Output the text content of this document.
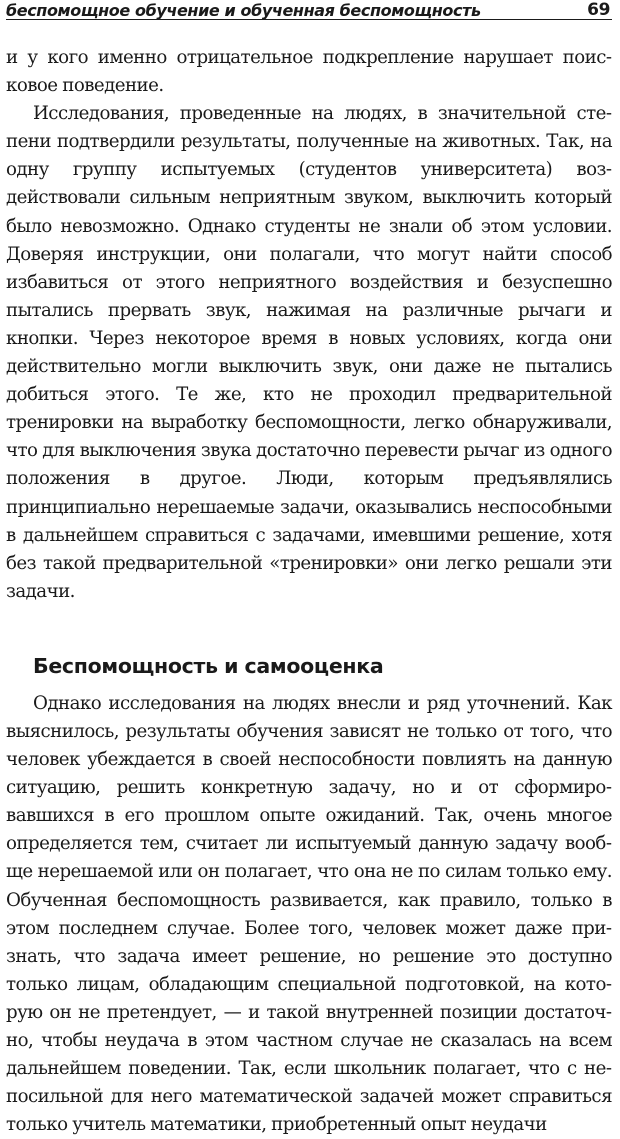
беспомощное обучение и обученная беспомощность	69

и у кого именно отрицательное подкрепление нарушает поисковое поведение.

Исследования, проведенные на людях, в значительной степени подтвердили результаты, полученные на животных. Так, на одну группу испытуемых (студентов университета) воздействовали сильным неприятным звуком, выключить который было невозможно. Однако студенты не знали об этом условии. Доверяя инструкции, они полагали, что могут найти способ избавиться от этого неприятного воздействия и безуспешно пытались прервать звук, нажимая на различные рычаги и кнопки. Через некоторое время в новых условиях, когда они действительно могли выключить звук, они даже не пытались добиться этого. Те же, кто не проходил предварительной тренировки на выработку беспомощности, легко обнаруживали, что для выключения звука достаточно перевести рычаг из одного положения в другое. Люди, которым предъявлялись принципиально нерешаемые задачи, оказывались неспособными в дальнейшем справиться с задачами, имевшими решение, хотя без такой предварительной «тренировки» они легко решали эти задачи.

Беспомощность и самооценка

Однако исследования на людях внесли и ряд уточнений. Как выяснилось, результаты обучения зависят не только от того, что человек убеждается в своей неспособности повлиять на данную ситуацию, решить конкретную задачу, но и от сформировавшихся в его прошлом опыте ожиданий. Так, очень многое определяется тем, считает ли испытуемый данную задачу вообще нерешаемой или он полагает, что она не по силам только ему. Обученная беспомощность развивается, как правило, только в этом последнем случае. Более того, человек может даже признать, что задача имеет решение, но решение это доступно только лицам, обладающим специальной подготовкой, на которую он не претендует, — и такой внутренней позиции достаточно, чтобы неудача в этом частном случае не сказалась на всем дальнейшем поведении. Так, если школьник полагает, что с непосильной для него математической задачей может справиться только учитель математики, приобретенный опыт неудачи
